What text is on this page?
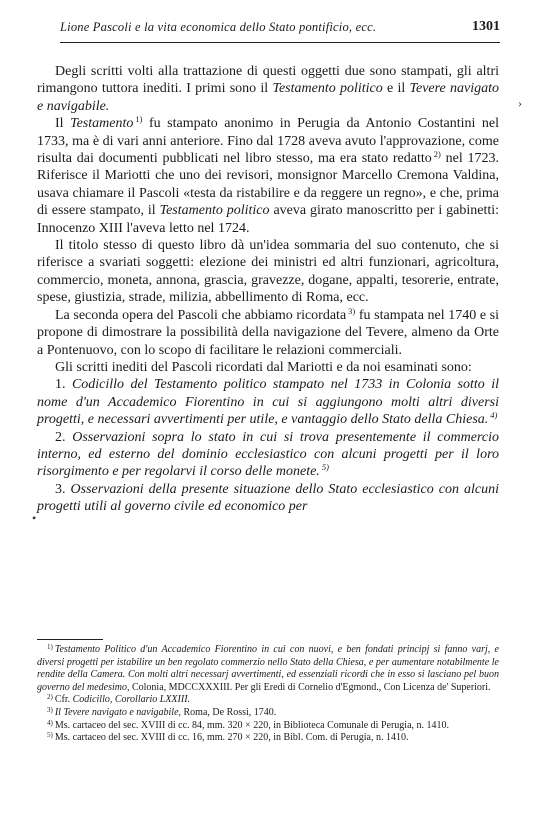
Lione Pascoli e la vita economica dello Stato pontificio, ecc.	1301
›
•

Degli scritti volti alla trattazione di questi oggetti due sono stampati, gli altri rimangono tuttora inediti. I primi sono il Testamento politico e il Tevere navigato e navigabile.

Il Testamento $^{1)}$ fu stampato anonimo in Perugia da Antonio Costantini nel 1733, ma è di vari anni anteriore. Fino dal 1728 aveva avuto l'approvazione, come risulta dai documenti pubblicati nel libro stesso, ma era stato redatto $^{2)}$ nel 1723. Riferisce il Mariotti che uno dei revisori, monsignor Marcello Cremona Valdina, usava chiamare il Pascoli «testa da ristabilire e da reggere un regno», e che, prima di essere stampato, il Testamento politico aveva girato manoscritto per i gabinetti: Innocenzo XIII l'aveva letto nel 1724.

Il titolo stesso di questo libro dà un'idea sommaria del suo contenuto, che si riferisce a svariati soggetti: elezione dei ministri ed altri funzionari, agricoltura, commercio, moneta, annona, grascia, gravezze, dogane, appalti, tesorerie, entrate, spese, giustizia, strade, milizia, abbellimento di Roma, ecc.

La seconda opera del Pascoli che abbiamo ricordata $^{3)}$ fu stampata nel 1740 e si propone di dimostrare la possibilità della navigazione del Tevere, almeno da Orte a Pontenuovo, con lo scopo di facilitare le relazioni commerciali.

Gli scritti inediti del Pascoli ricordati dal Mariotti e da noi esaminati sono:

1. Codicillo del Testamento politico stampato nel 1733 in Colonia sotto il nome d'un Accademico Fiorentino in cui si aggiungono molti altri diversi progetti, e necessari avvertimenti per utile, e vantaggio dello Stato della Chiesa. $^{4)}$

2. Osservazioni sopra lo stato in cui si trova presentemente il commercio interno, ed esterno del dominio ecclesiastico con alcuni progetti per il loro risorgimento e per regolarvi il corso delle monete. $^{5)}$

3. Osservazioni della presente situazione dello Stato ecclesiastico con alcuni progetti utili al governo civile ed economico per

$^{1)}$ Testamento Politico d'un Accademico Fiorentino in cui con nuovi, e ben fondati principj si fanno varj, e diversi progetti per istabilire un ben regolato commerzio nello Stato della Chiesa, e per aumentare notabilmente le rendite della Camera. Con molti altri necessarj avvertimenti, ed essenziali ricordi che in esso si lasciano pel buon governo del medesimo, Colonia, MDCCXXXIII. Per gli Eredi di Cornelio d'Egmond., Con Licenza de' Superiori.

$^{2)}$ Cfr. Codicillo, Corollario LXXIII.

$^{3)}$ Il Tevere navigato e navigabile, Roma, De Rossi, 1740.

$^{4)}$ Ms. cartaceo del sec. XVIII di cc. 84, mm. 320 × 220, in Biblioteca Comunale di Perugia, n. 1410.

$^{5)}$ Ms. cartaceo del sec. XVIII di cc. 16, mm. 270 × 220, in Bibl. Com. di Perugia, n. 1410.
